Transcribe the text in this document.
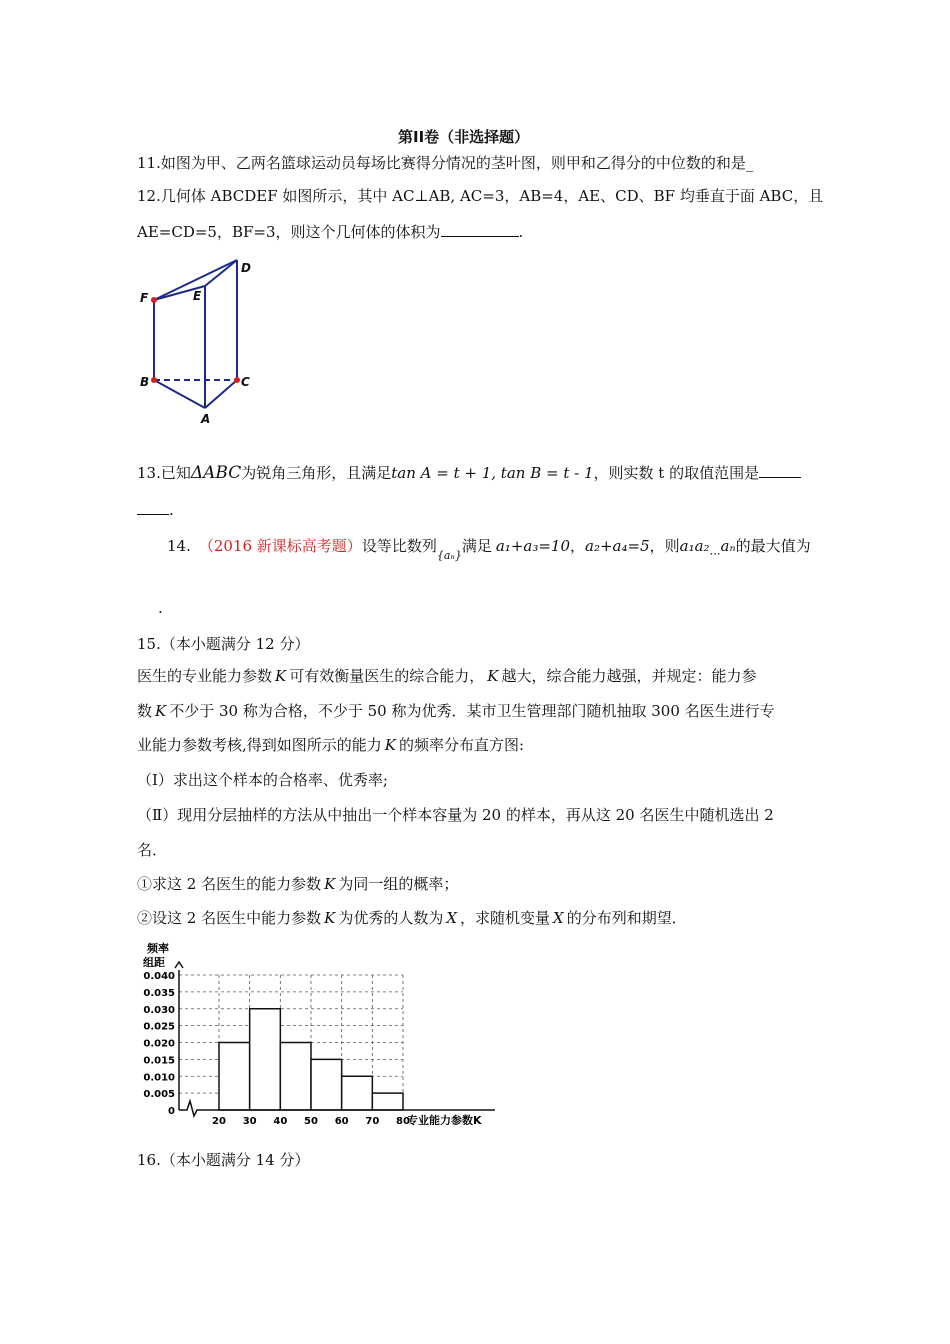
第II卷（非选择题）
11.如图为甲、乙两名篮球运动员每场比赛得分情况的茎叶图，则甲和乙得分的中位数的和是_
12.几何体 ABCDEF 如图所示，其中 AC⊥AB, AC=3，AB=4，AE、CD、BF 均垂直于面 ABC，且
AE=CD=5，BF=3，则这个几何体的体积为	.
F	E
D
B	C
A
13.已知ΔABC为锐角三角形，且满足tan A = t + 1, tan B = t - 1，则实数 t 的取值范围是
.
14. （2016 新课标高考题）设等比数列$_{\{a_n\}}$满足 a₁+a₃=10，a₂+a₄=5，则$a_1a_2_\cdots a_n$的最大值为
.
15.（本小题满分 12 分）
医生的专业能力参数 K 可有效衡量医生的综合能力， K 越大，综合能力越强，并规定：能力参
数 K 不少于 30 称为合格，不少于 50 称为优秀．某市卫生管理部门随机抽取 300 名医生进行专
业能力参数考核,得到如图所示的能力 K 的频率分布直方图:
（Ⅰ）求出这个样本的合格率、优秀率;
（Ⅱ）现用分层抽样的方法从中抽出一个样本容量为 20 的样本，再从这 20 名医生中随机选出 2
名．
①求这 2 名医生的能力参数 K 为同一组的概率；
②设这 2 名医生中能力参数 K 为优秀的人数为 X ，求随机变量 X 的分布列和期望．
频率
组距
0
0.005
0.010
0.015
0.020
0.025
0.030
0.035
0.040
20 30 40 50 60 70 80
专业能力参数K
16.（本小题满分 14 分）
